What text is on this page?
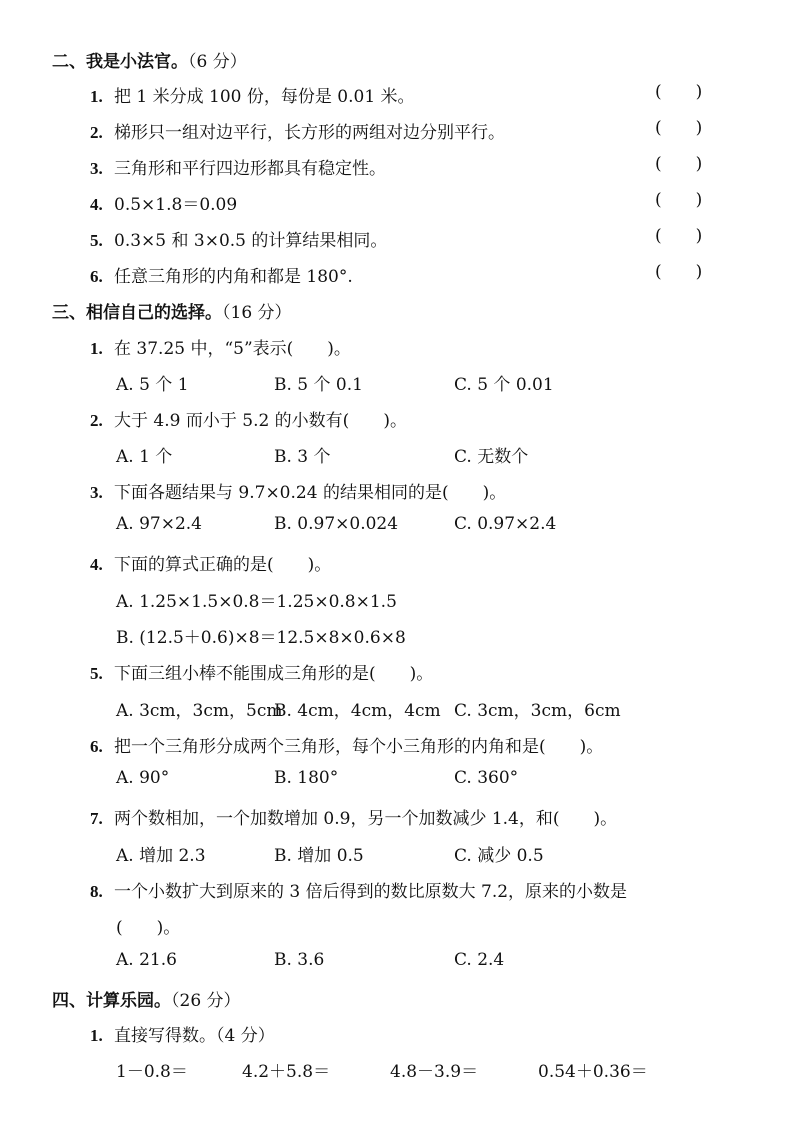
二、我是小法官。（6 分）
1. 把 1 米分成 100 份，每份是 0.01 米。	( )
2. 梯形只一组对边平行，长方形的两组对边分别平行。	( )
3. 三角形和平行四边形都具有稳定性。	( )
4. 0.5×1.8＝0.09	( )
5. 0.3×5 和 3×0.5 的计算结果相同。	( )
6. 任意三角形的内角和都是 180°.	( )
三、相信自己的选择。（16 分）
1. 在 37.25 中，“5”表示(　　)。
A. 5 个 1	B. 5 个 0.1	C. 5 个 0.01
2. 大于 4.9 而小于 5.2 的小数有(　　)。
A. 1 个	B. 3 个	C. 无数个
3. 下面各题结果与 9.7×0.24 的结果相同的是(　　)。
A. 97×2.4	B. 0.97×0.024	C. 0.97×2.4
4. 下面的算式正确的是(　　)。
A. 1.25×1.5×0.8＝1.25×0.8×1.5
B. (12.5＋0.6)×8＝12.5×8×0.6×8
5. 下面三组小棒不能围成三角形的是(　　)。
A. 3cm，3cm，5cm
B. 4cm，4cm，4cm C. 3cm，3cm，6cm
6. 把一个三角形分成两个三角形，每个小三角形的内角和是(　　)。
A. 90°	B. 180°	C. 360°
7. 两个数相加，一个加数增加 0.9，另一个加数减少 1.4，和(　　)。
A. 增加 2.3	B. 增加 0.5	C. 减少 0.5
8. 一个小数扩大到原来的 3 倍后得到的数比原数大 7.2，原来的小数是
(　　)。
A. 21.6	B. 3.6	C. 2.4
四、计算乐园。（26 分）
1. 直接写得数。（4 分）
1－0.8＝	4.2＋5.8＝	4.8－3.9＝	0.54＋0.36＝
